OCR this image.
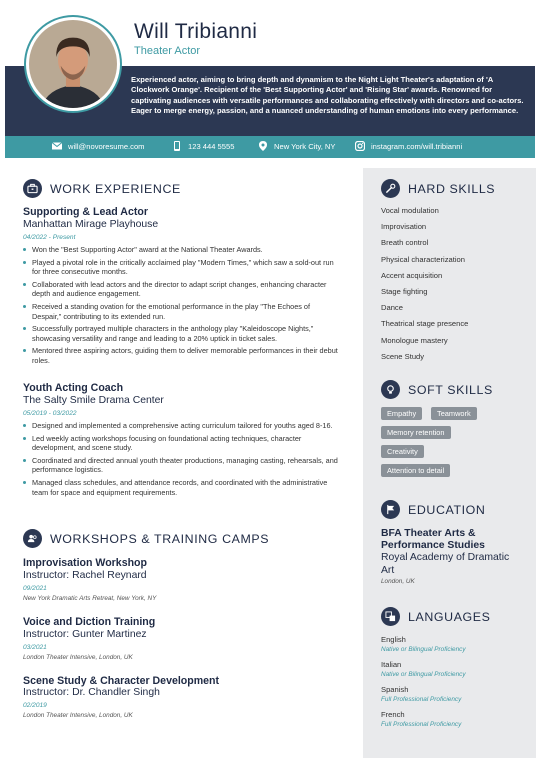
Will Tribianni
Theater Actor
Experienced actor, aiming to bring depth and dynamism to the Night Light Theater's adaptation of 'A Clockwork Orange'. Recipient of the 'Best Supporting Actor' and 'Rising Star' awards. Renowned for captivating audiences with versatile performances and collaborating effectively with directors and co-actors. Eager to merge energy, passion, and a nuanced understanding of human emotions into every performance.
will@novoresume.com	123 444 5555	New York City, NY	instagram.com/will.tribianni
WORK EXPERIENCE
Supporting & Lead Actor
Manhattan Mirage Playhouse
04/2022 - Present
Won the "Best Supporting Actor" award at the National Theater Awards.
Played a pivotal role in the critically acclaimed play "Modern Times," which saw a sold-out run for three consecutive months.
Collaborated with lead actors and the director to adapt script changes, enhancing character depth and audience engagement.
Received a standing ovation for the emotional performance in the play "The Echoes of Despair," contributing to its extended run.
Successfully portrayed multiple characters in the anthology play "Kaleidoscope Nights," showcasing versatility and range and leading to a 20% uptick in ticket sales.
Mentored three aspiring actors, guiding them to deliver memorable performances in their debut roles.
Youth Acting Coach
The Salty Smile Drama Center
05/2019 - 03/2022
Designed and implemented a comprehensive acting curriculum tailored for youths aged 8-16.
Led weekly acting workshops focusing on foundational acting techniques, character development, and scene study.
Coordinated and directed annual youth theater productions, managing casting, rehearsals, and performance logistics.
Managed class schedules, and attendance records, and coordinated with the administrative team for space and equipment requirements.
WORKSHOPS & TRAINING CAMPS
Improvisation Workshop
Instructor: Rachel Reynard
09/2021
New York Dramatic Arts Retreat, New York, NY
Voice and Diction Training
Instructor: Gunter Martinez
03/2021
London Theater Intensive, London, UK
Scene Study & Character Development
Instructor: Dr. Chandler Singh
02/2019
London Theater Intensive, London, UK
HARD SKILLS
Vocal modulation
Improvisation
Breath control
Physical characterization
Accent acquisition
Stage fighting
Dance
Theatrical stage presence
Monologue mastery
Scene Study
SOFT SKILLS
Empathy	Teamwork
Memory retention
Creativity
Attention to detail
EDUCATION
BFA Theater Arts & Performance Studies
Royal Academy of Dramatic Art
London, UK
LANGUAGES
English
Native or Bilingual Proficiency
Italian
Native or Bilingual Proficiency
Spanish
Full Professional Proficiency
French
Full Professional Proficiency
